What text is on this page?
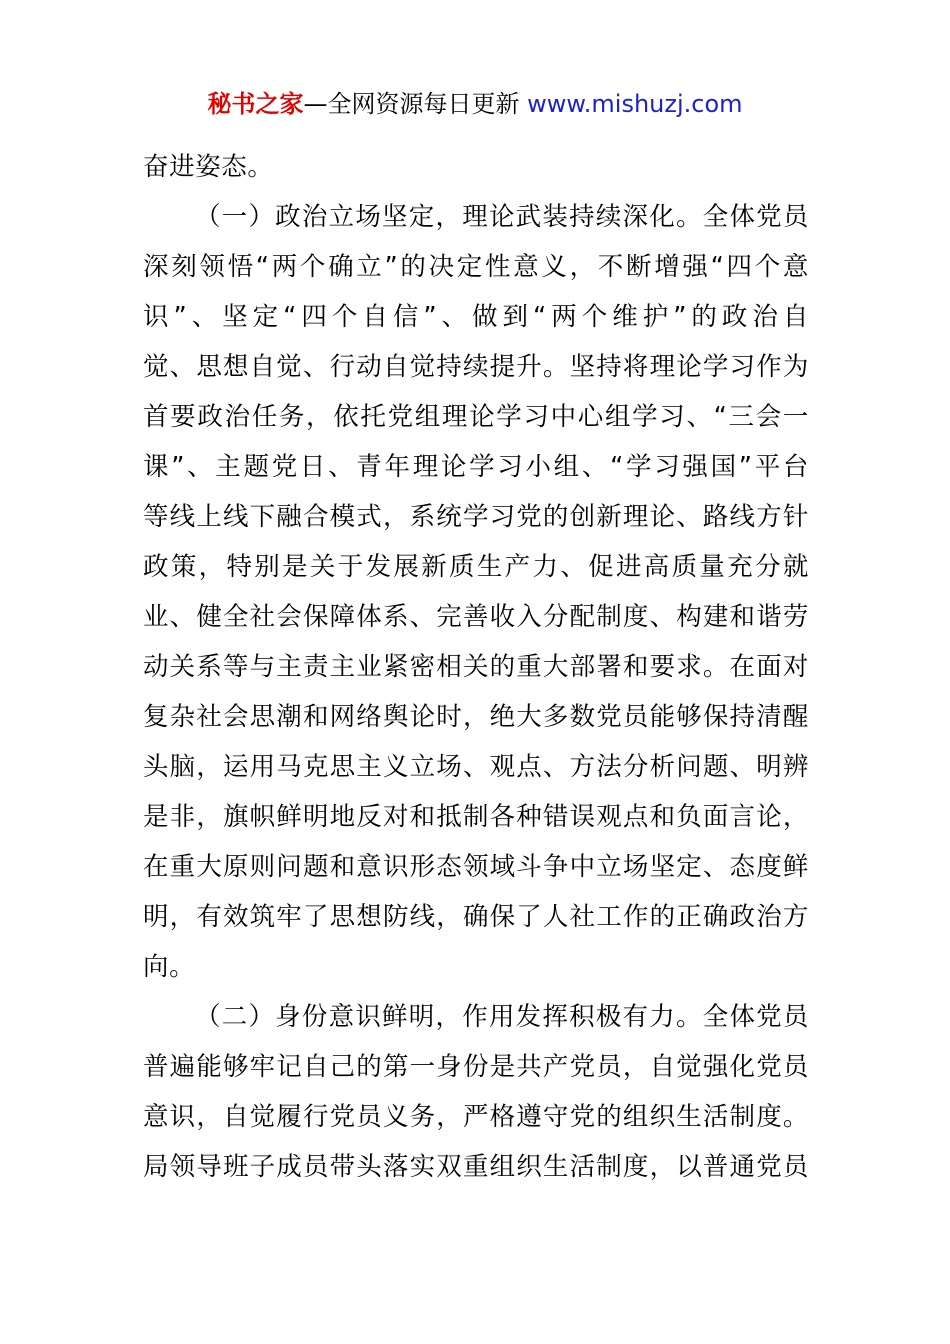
秘书之家—全网资源每日更新 www.mishuzj.com
奋进姿态。
（一）政治立场坚定，理论武装持续深化。全体党员
深刻领悟“两个确立”的决定性意义，不断增强“四个意
识”、坚定“四个自信”、做到“两个维护”的政治自
觉、思想自觉、行动自觉持续提升。坚持将理论学习作为
首要政治任务，依托党组理论学习中心组学习、“三会一
课”、主题党日、青年理论学习小组、“学习强国”平台
等线上线下融合模式，系统学习党的创新理论、路线方针
政策，特别是关于发展新质生产力、促进高质量充分就
业、健全社会保障体系、完善收入分配制度、构建和谐劳
动关系等与主责主业紧密相关的重大部署和要求。在面对
复杂社会思潮和网络舆论时，绝大多数党员能够保持清醒
头脑，运用马克思主义立场、观点、方法分析问题、明辨
是非，旗帜鲜明地反对和抵制各种错误观点和负面言论，
在重大原则问题和意识形态领域斗争中立场坚定、态度鲜
明，有效筑牢了思想防线，确保了人社工作的正确政治方
向。
（二）身份意识鲜明，作用发挥积极有力。全体党员
普遍能够牢记自己的第一身份是共产党员，自觉强化党员
意识，自觉履行党员义务，严格遵守党的组织生活制度。
局领导班子成员带头落实双重组织生活制度，以普通党员
